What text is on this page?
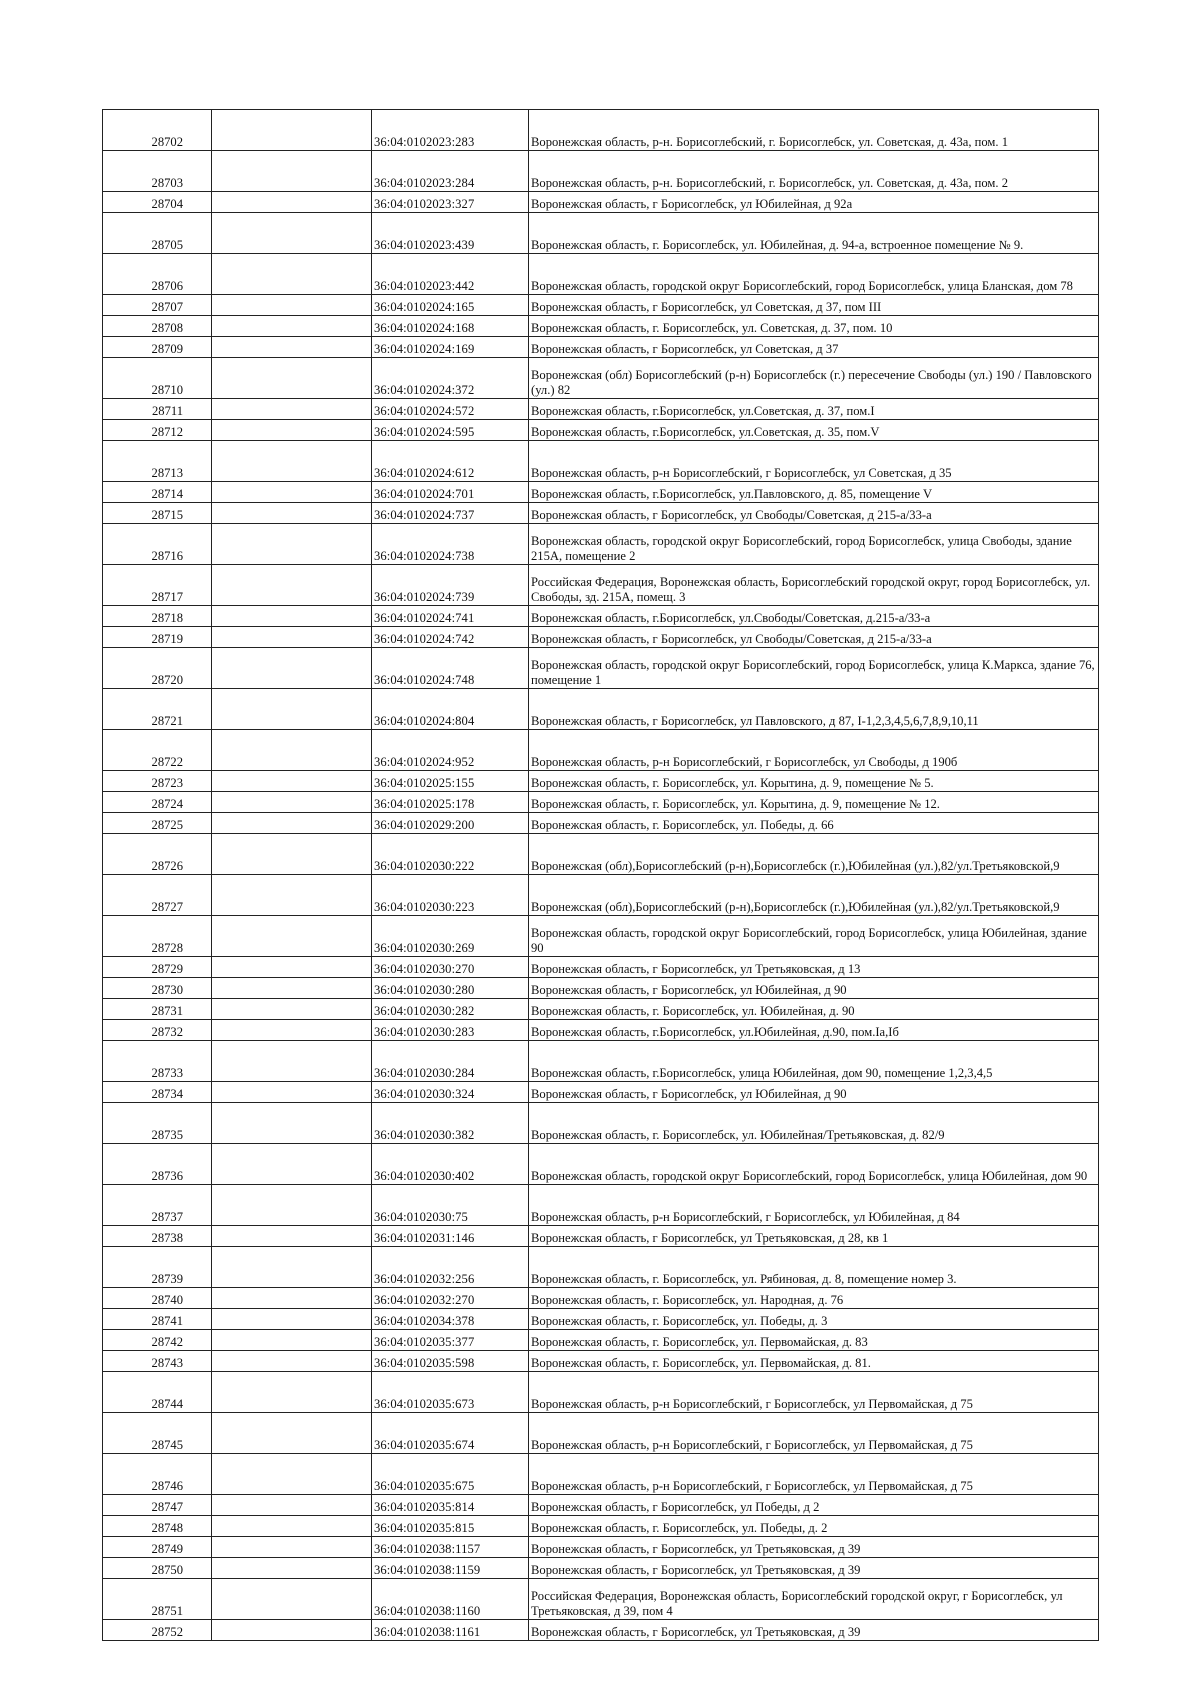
28702		36:04:0102023:283	Воронежская область, р-н. Борисоглебский, г. Борисоглебск, ул. Советская, д. 43а, пом. 1
28703		36:04:0102023:284	Воронежская область, р-н. Борисоглебский, г. Борисоглебск, ул. Советская, д. 43а, пом. 2
28704		36:04:0102023:327	Воронежская область, г Борисоглебск, ул Юбилейная, д 92а
28705		36:04:0102023:439	Воронежская область, г. Борисоглебск, ул. Юбилейная, д. 94-а, встроенное помещение № 9.
28706		36:04:0102023:442	Воронежская область, городской округ Борисоглебский, город Борисоглебск, улица Бланская, дом 78
28707		36:04:0102024:165	Воронежская область, г Борисоглебск, ул Советская, д 37, пом III
28708		36:04:0102024:168	Воронежская область, г. Борисоглебск, ул. Советская, д. 37, пом. 10
28709		36:04:0102024:169	Воронежская область, г Борисоглебск, ул Советская, д 37
28710		36:04:0102024:372	Воронежская (обл) Борисоглебский (р-н) Борисоглебск (г.) пересечение Свободы (ул.) 190 / Павловского (ул.) 82
28711		36:04:0102024:572	Воронежская область, г.Борисоглебск, ул.Советская, д. 37, пом.I
28712		36:04:0102024:595	Воронежская область, г.Борисоглебск, ул.Советская, д. 35, пом.V
28713		36:04:0102024:612	Воронежская область, р-н Борисоглебский, г Борисоглебск, ул Советская, д 35
28714		36:04:0102024:701	Воронежская область, г.Борисоглебск, ул.Павловского, д. 85, помещение V
28715		36:04:0102024:737	Воронежская область, г Борисоглебск, ул Свободы/Советская, д 215-а/33-а
28716		36:04:0102024:738	Воронежская область, городской округ Борисоглебский, город Борисоглебск, улица Свободы, здание 215А, помещение 2
28717		36:04:0102024:739	Российская Федерация, Воронежская область, Борисоглебский городской округ, город Борисоглебск, ул. Свободы, зд. 215А, помещ. 3
28718		36:04:0102024:741	Воронежская область, г.Борисоглебск, ул.Свободы/Советская, д.215-а/33-а
28719		36:04:0102024:742	Воронежская область, г Борисоглебск, ул Свободы/Советская, д 215-а/33-а
28720		36:04:0102024:748	Воронежская область, городской округ Борисоглебский, город Борисоглебск, улица К.Маркса, здание 76, помещение 1
28721		36:04:0102024:804	Воронежская область, г Борисоглебск, ул Павловского, д 87, I-1,2,3,4,5,6,7,8,9,10,11
28722		36:04:0102024:952	Воронежская область, р-н Борисоглебский, г Борисоглебск, ул Свободы, д 190б
28723		36:04:0102025:155	Воронежская область, г. Борисоглебск, ул. Корытина, д. 9, помещение № 5.
28724		36:04:0102025:178	Воронежская область, г. Борисоглебск, ул. Корытина, д. 9, помещение № 12.
28725		36:04:0102029:200	Воронежская область, г. Борисоглебск, ул. Победы, д. 66
28726		36:04:0102030:222	Воронежская (обл),Борисоглебский (р-н),Борисоглебск (г.),Юбилейная (ул.),82/ул.Третьяковской,9
28727		36:04:0102030:223	Воронежская (обл),Борисоглебский (р-н),Борисоглебск (г.),Юбилейная (ул.),82/ул.Третьяковской,9
28728		36:04:0102030:269	Воронежская область, городской округ Борисоглебский, город Борисоглебск, улица Юбилейная, здание 90
28729		36:04:0102030:270	Воронежская область, г Борисоглебск, ул Третьяковская, д 13
28730		36:04:0102030:280	Воронежская область, г Борисоглебск, ул Юбилейная, д 90
28731		36:04:0102030:282	Воронежская область, г. Борисоглебск, ул. Юбилейная, д. 90
28732		36:04:0102030:283	Воронежская область, г.Борисоглебск, ул.Юбилейная, д.90, пом.Iа,Iб
28733		36:04:0102030:284	Воронежская область, г.Борисоглебск, улица Юбилейная, дом 90, помещение 1,2,3,4,5
28734		36:04:0102030:324	Воронежская область, г Борисоглебск, ул Юбилейная, д 90
28735		36:04:0102030:382	Воронежская область, г. Борисоглебск, ул. Юбилейная/Третьяковская, д. 82/9
28736		36:04:0102030:402	Воронежская область, городской округ Борисоглебский, город Борисоглебск, улица Юбилейная, дом 90
28737		36:04:0102030:75	Воронежская область, р-н Борисоглебский, г Борисоглебск, ул Юбилейная, д 84
28738		36:04:0102031:146	Воронежская область, г Борисоглебск, ул Третьяковская, д 28, кв 1
28739		36:04:0102032:256	Воронежская область, г. Борисоглебск, ул. Рябиновая, д. 8, помещение номер 3.
28740		36:04:0102032:270	Воронежская область, г. Борисоглебск, ул. Народная, д. 76
28741		36:04:0102034:378	Воронежская область, г. Борисоглебск, ул. Победы, д. 3
28742		36:04:0102035:377	Воронежская область, г. Борисоглебск, ул. Первомайская, д. 83
28743		36:04:0102035:598	Воронежская область, г. Борисоглебск, ул. Первомайская, д. 81.
28744		36:04:0102035:673	Воронежская область, р-н Борисоглебский, г Борисоглебск, ул Первомайская, д 75
28745		36:04:0102035:674	Воронежская область, р-н Борисоглебский, г Борисоглебск, ул Первомайская, д 75
28746		36:04:0102035:675	Воронежская область, р-н Борисоглебский, г Борисоглебск, ул Первомайская, д 75
28747		36:04:0102035:814	Воронежская область, г Борисоглебск, ул Победы, д 2
28748		36:04:0102035:815	Воронежская область, г. Борисоглебск, ул. Победы, д. 2
28749		36:04:0102038:1157	Воронежская область, г Борисоглебск, ул Третьяковская, д 39
28750		36:04:0102038:1159	Воронежская область, г Борисоглебск, ул Третьяковская, д 39
28751		36:04:0102038:1160	Российская Федерация, Воронежская область, Борисоглебский городской округ, г Борисоглебск, ул Третьяковская, д 39, пом 4
28752		36:04:0102038:1161	Воронежская область, г Борисоглебск, ул Третьяковская, д 39
